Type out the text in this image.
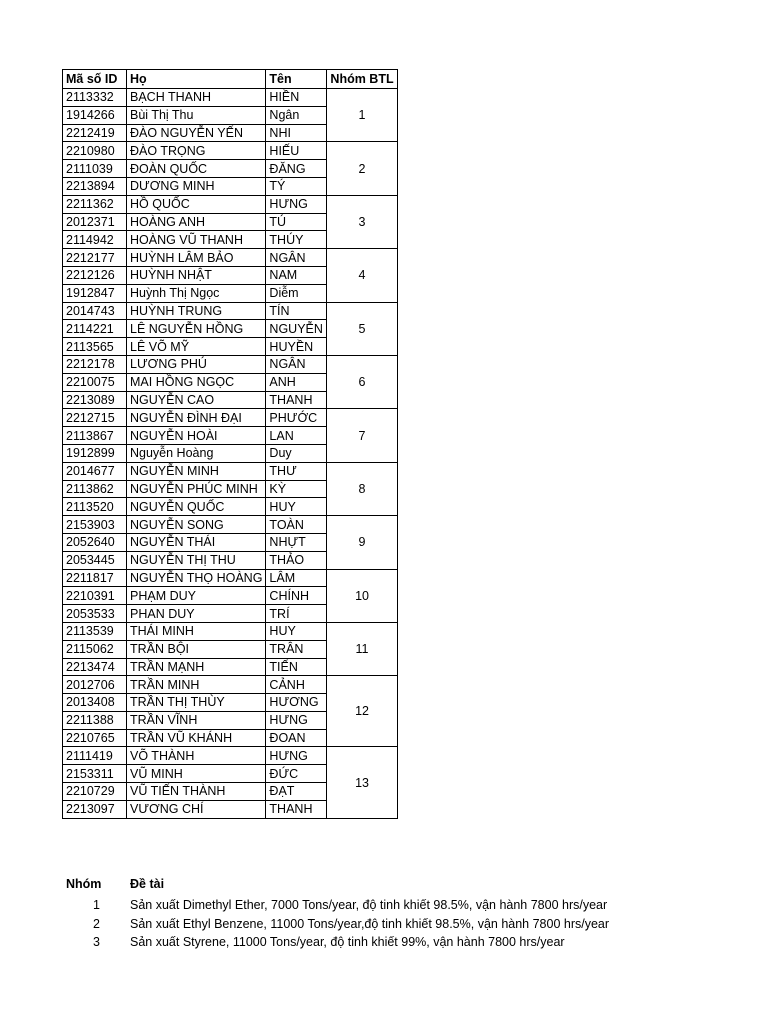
Mã số ID	Họ	Tên	Nhóm BTL
2113332	BẠCH THANH	HIỀN	1
1914266	Bùi Thị Thu	Ngân	
2212419	ĐÀO NGUYỄN YẾN	NHI	
2210980	ĐÀO TRỌNG	HIẾU	2
2111039	ĐOÀN QUỐC	ĐĂNG	
2213894	DƯƠNG MINH	TÝ	
2211362	HỒ QUỐC	HƯNG	3
2012371	HOÀNG ANH	TÚ	
2114942	HOÀNG VŨ THANH	THÚY	
2212177	HUỲNH LÂM BẢO	NGÂN	4
2212126	HUỲNH NHẬT	NAM	
1912847	Huỳnh Thị Ngọc	Diễm	
2014743	HUỲNH TRUNG	TÍN	5
2114221	LÊ NGUYỄN HỒNG	NGUYỄN	
2113565	LÊ VÕ MỸ	HUYỀN	
2212178	LƯƠNG PHÚ	NGÂN	6
2210075	MAI HỒNG NGỌC	ANH	
2213089	NGUYỄN CAO	THANH	
2212715	NGUYỄN ĐÌNH ĐẠI	PHƯỚC	7
2113867	NGUYỄN HOÀI	LAN	
1912899	Nguyễn Hoàng	Duy	
2014677	NGUYỄN MINH	THƯ	8
2113862	NGUYỄN PHÚC MINH	KỲ	
2113520	NGUYỄN QUỐC	HUY	
2153903	NGUYỄN SONG	TOÀN	9
2052640	NGUYỄN THÁI	NHỰT	
2053445	NGUYỄN THỊ THU	THẢO	
2211817	NGUYỄN THỌ HOÀNG	LÂM	10
2210391	PHẠM DUY	CHÍNH	
2053533	PHAN DUY	TRÍ	
2113539	THÁI MINH	HUY	11
2115062	TRẦN BỘI	TRÂN	
2213474	TRẦN MẠNH	TIẾN	
2012706	TRẦN MINH	CẢNH	12
2013408	TRẦN THỊ THÙY	HƯƠNG	
2211388	TRẦN VĨNH	HƯNG	
2210765	TRẦN VŨ KHÁNH	ĐOAN	
2111419	VÕ THÀNH	HƯNG	13
2153311	VŨ MINH	ĐỨC	
2210729	VŨ TIẾN THÀNH	ĐẠT	
2213097	VƯƠNG CHÍ	THANH	
Nhóm Đề tài
1 Sản xuất Dimethyl Ether, 7000 Tons/year, độ tinh khiết 98.5%, vận hành 7800 hrs/year
2 Sản xuất Ethyl Benzene, 11000 Tons/year,độ tinh khiết 98.5%, vận hành 7800 hrs/year
3 Sản xuất Styrene, 11000 Tons/year, độ tinh khiết 99%, vận hành 7800 hrs/year
